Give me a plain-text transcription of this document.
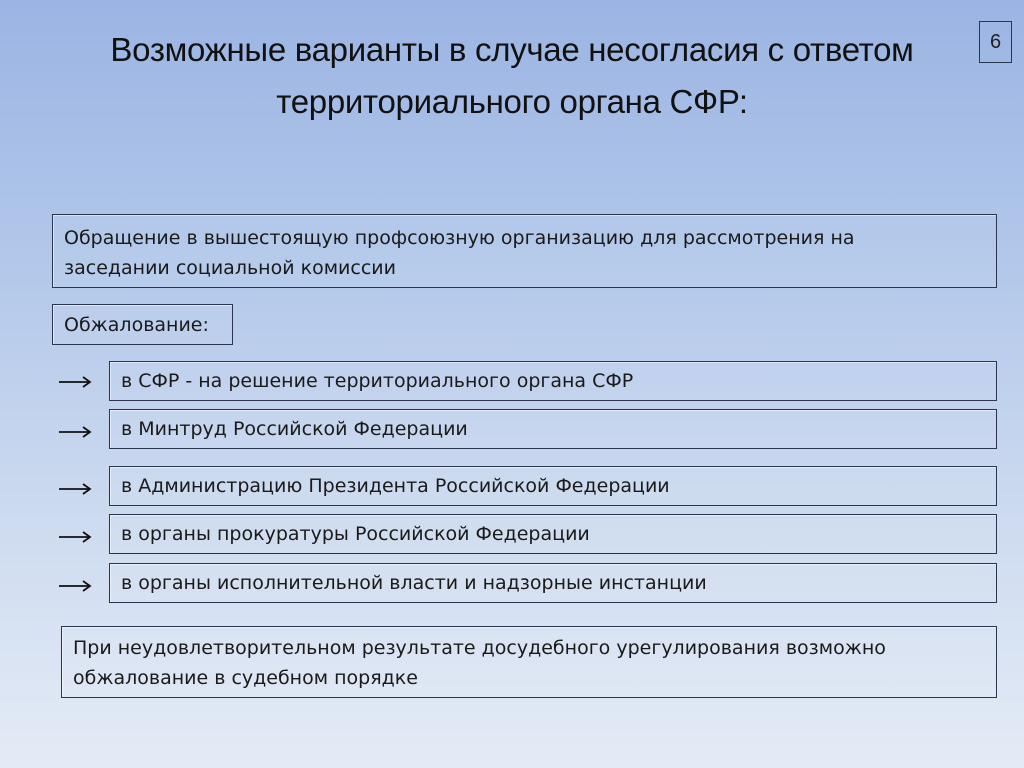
Возможные варианты в случае несогласия с ответом
территориального органа СФР:
6
Обращение в вышестоящую профсоюзную организацию для рассмотрения на
заседании социальной комиссии
Обжалование:
в СФР - на решение территориального органа СФР
в Минтруд Российской Федерации
в Администрацию Президента Российской Федерации
в органы прокуратуры Российской Федерации
в органы исполнительной власти и надзорные инстанции
При неудовлетворительном результате досудебного урегулирования возможно
обжалование в судебном порядке
